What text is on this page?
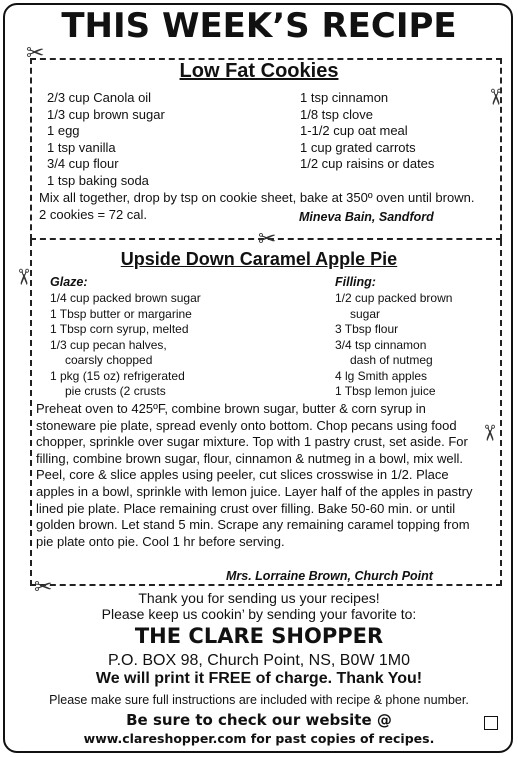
THIS WEEK’S RECIPE
✂
✂
✂
✂
✂
✂
Low Fat Cookies
2/3 cup Canola oil
1/3 cup brown sugar
1 egg
1 tsp vanilla
3/4 cup flour
1 tsp baking soda
1 tsp cinnamon
1/8 tsp clove
1-1/2 cup oat meal
1 cup grated carrots
1/2 cup raisins or dates

Mix all together, drop by tsp on cookie sheet, bake at 350º oven until brown. 2 cookies = 72 cal.	Mineva Bain, Sandford
Upside Down Caramel Apple Pie
Glaze:
1/4 cup packed brown sugar
1 Tbsp butter or margarine
1 Tbsp corn syrup, melted
1/3 cup pecan halves,
coarsly chopped
1 pkg (15 oz) refrigerated
pie crusts (2 crusts
Filling:
1/2 cup packed brown
sugar
3 Tbsp flour
3/4 tsp cinnamon
dash of nutmeg
4 lg Smith apples
1 Tbsp lemon juice

Preheat oven to 425ºF, combine brown sugar, butter & corn syrup in stoneware pie plate, spread evenly onto bottom. Chop pecans using food chopper, sprinkle over sugar mixture. Top with 1 pastry crust, set aside. For filling, combine brown sugar, flour, cinnamon & nutmeg in a bowl, mix well. Peel, core & slice apples using peeler, cut slices crosswise in 1/2. Place apples in a bowl, sprinkle with lemon juice. Layer half of the apples in pastry lined pie plate. Place remaining crust over filling. Bake 50-60 min. or until golden brown. Let stand 5 min. Scrape any remaining caramel topping from pie plate onto pie. Cool 1 hr before serving.

Mrs. Lorraine Brown, Church Point
Thank you for sending us your recipes!
Please keep us cookin’ by sending your favorite to:
THE CLARE SHOPPER
P.O. BOX 98, Church Point, NS, B0W 1M0
We will print it FREE of charge. Thank You!
Please make sure full instructions are included with recipe & phone number.
Be sure to check our website @
www.clareshopper.com for past copies of recipes.
